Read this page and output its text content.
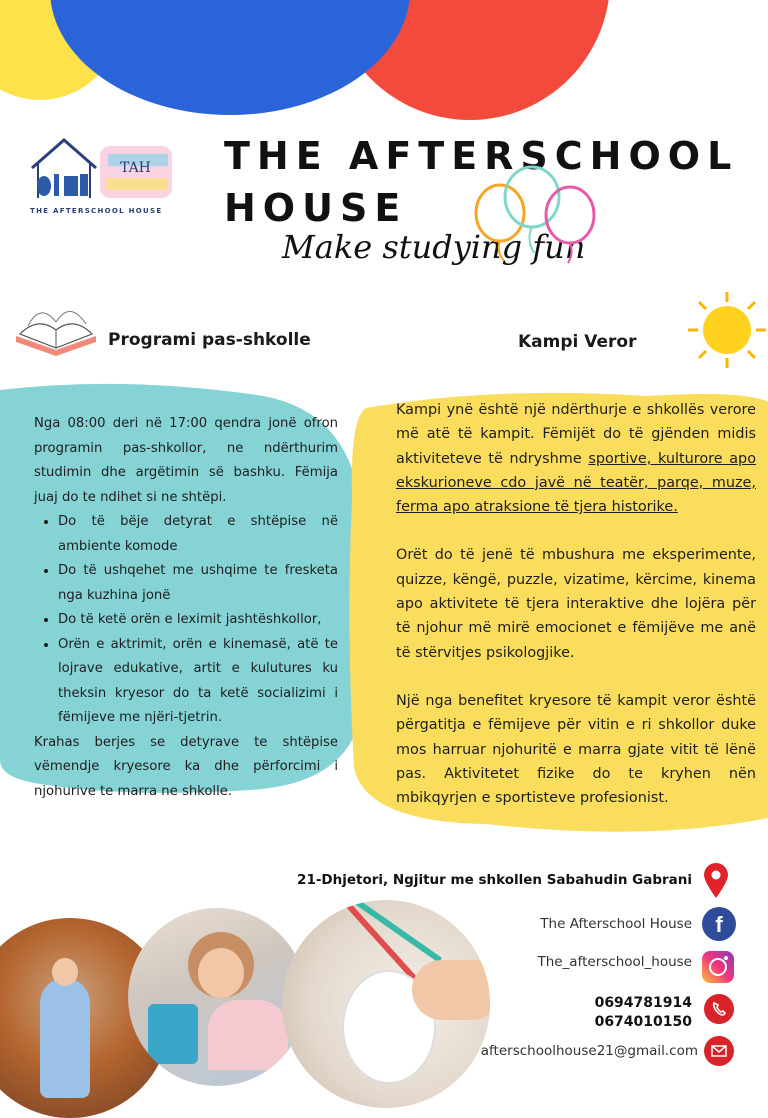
TAH
THE AFTERSCHOOL HOUSE
THE AFTERSCHOOL
HOUSE
Make studying fun
Programi pas-shkolle	Kampi Veror
Nga 08:00 deri në 17:00 qendra jonë ofron programin pas-shkollor, ne ndërthurim studimin dhe argëtimin së bashku. Fëmija juaj do te ndihet si ne shtëpi.
• Do të bëje detyrat e shtëpise në ambiente komode
• Do të ushqehet me ushqime te fresketa nga kuzhina jonë
• Do të ketë orën e leximit jashtëshkollor,
• Orën e aktrimit, orën e kinemasë, atë te lojrave edukative, artit e kulutures ku theksin kryesor do ta ketë socializimi i fëmijeve me njëri-tjetrin.
Krahas berjes se detyrave te shtëpise vëmendje kryesore ka dhe përforcimi i njohurive te marra ne shkolle.

Kampi ynë është një ndërthurje e shkollës verore më atë të kampit. Fëmijët do të gjënden midis aktiviteteve të ndryshme sportive, kulturore apo ekskurioneve cdo javë në teatër, parqe, muze, ferma apo atraksione të tjera historike.

Orët do të jenë të mbushura me eksperimente, quizze, këngë, puzzle, vizatime, kërcime, kinema apo aktivitete të tjera interaktive dhe lojëra për të njohur më mirë emocionet e fëmijëve me anë të stërvitjes psikologjike.

Një nga benefitet kryesore të kampit veror është përgatitja e fëmijeve për vitin e ri shkollor duke mos harruar njohuritë e marra gjate vitit të lënë pas. Aktivitetet fizike do te kryhen nën mbikqyrjen e sportisteve profesionist.

21-Dhjetori, Ngjitur me shkollen Sabahudin Gabrani
The Afterschool House	f
The_afterschool_house
0694781914
0674010150
afterschoolhouse21@gmail.com
